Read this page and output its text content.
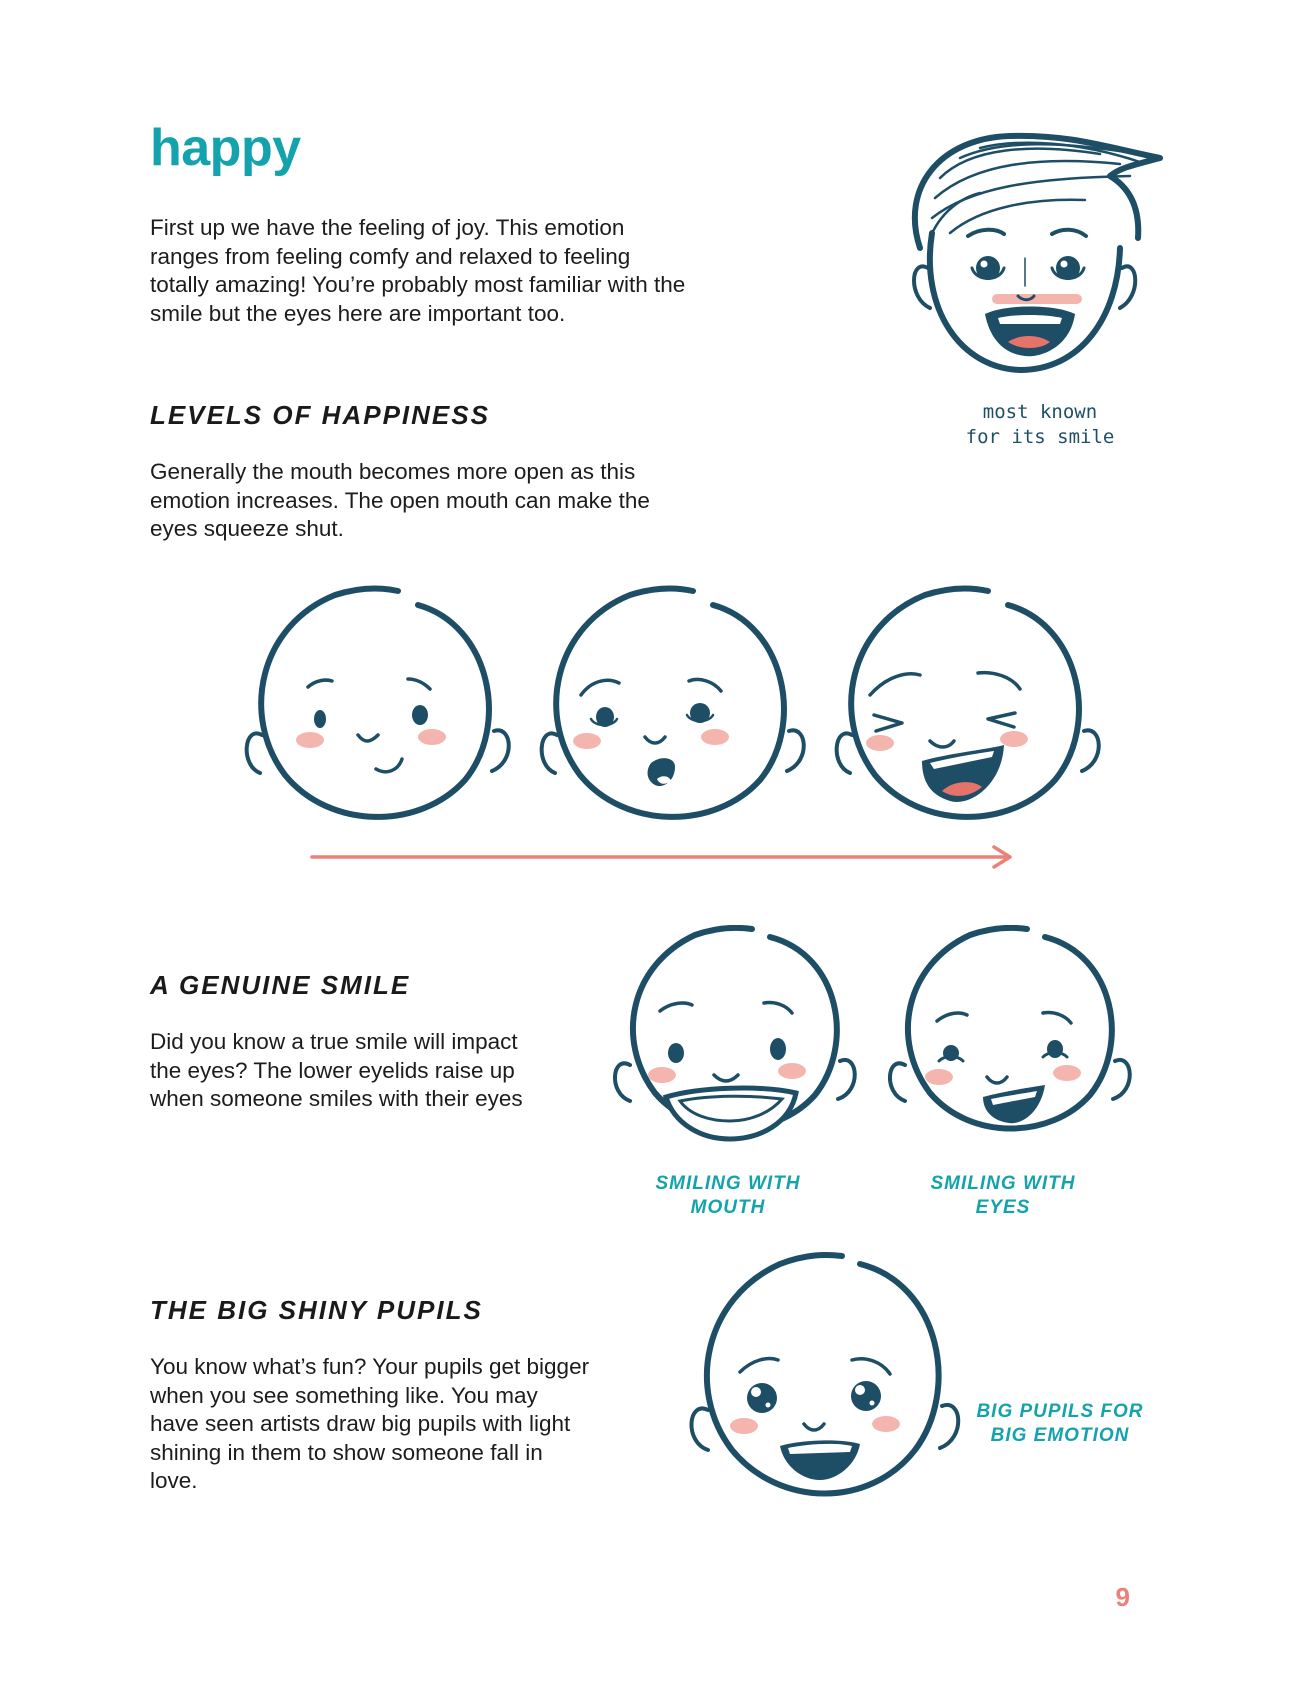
happy

First up we have the feeling of joy. This emotion ranges from feeling comfy and relaxed to feeling totally amazing! You’re probably most familiar with the smile but the eyes here are important too.

most known
for its smile
LEVELS OF HAPPINESS

Generally the mouth becomes more open as this emotion increases. The open mouth can make the eyes squeeze shut.

A GENUINE SMILE

Did you know a true smile will impact the eyes? The lower eyelids raise up when someone smiles with their eyes

SMILING WITH
MOUTH
SMILING WITH
EYES
THE BIG SHINY PUPILS

You know what’s fun? Your pupils get bigger when you see something like. You may have seen artists draw big pupils with light shining in them to show someone fall in love.

BIG PUPILS FOR
BIG EMOTION
9
